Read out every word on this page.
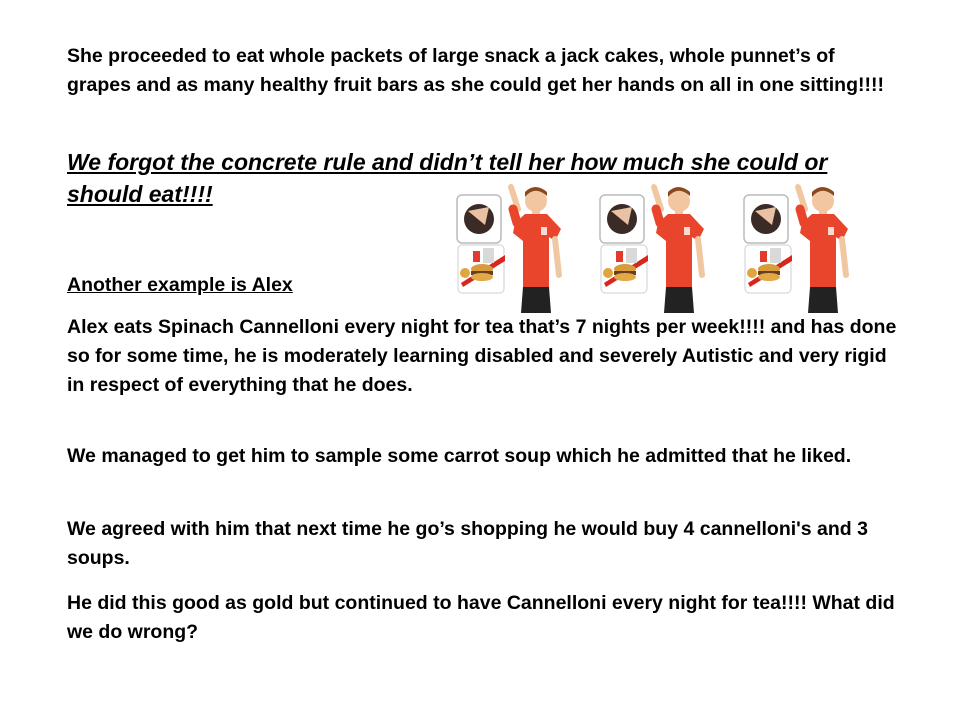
She proceeded to eat whole packets of large snack a jack cakes, whole punnet’s of grapes and as many healthy fruit bars as she could get her hands on all in one sitting!!!!

We forgot the concrete rule and didn’t tell her how much she could or should eat!!!!

Another example is Alex

Alex eats Spinach Cannelloni every night for tea that’s 7 nights per week!!!! and has done so for some time, he is moderately learning disabled and severely Autistic and very rigid in respect of everything that he does.

We managed to get him to sample some carrot soup which he admitted that he liked.

We agreed with him that next time he go’s shopping he would buy 4 cannelloni's and 3 soups.

He did this good as gold but continued to have Cannelloni every night for tea!!!! What did we do wrong?
